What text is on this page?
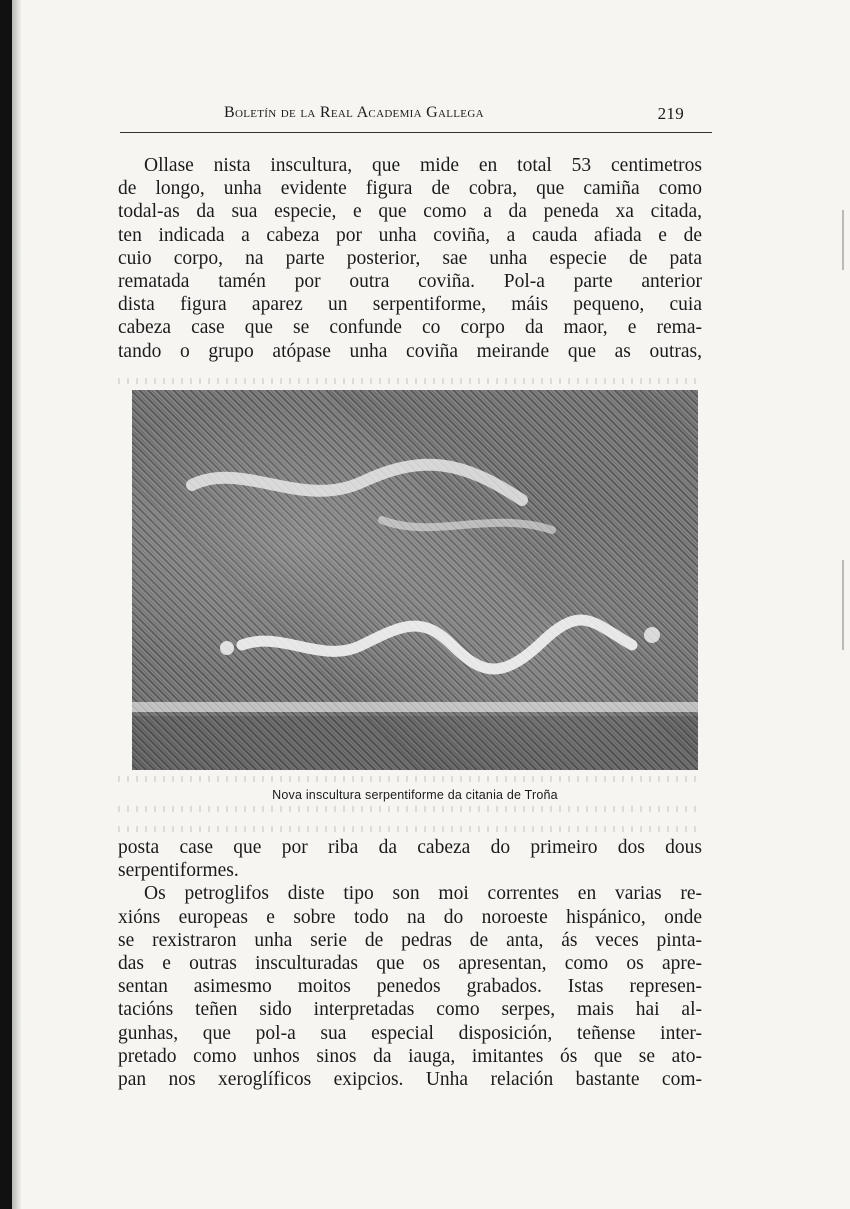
Boletín de la Real Academia Gallega	219
Ollase nista inscultura, que mide en total 53 centimetros
de longo, unha evidente figura de cobra, que camiña como
todal-as da sua especie, e que como a da peneda xa citada,
ten indicada a cabeza por unha coviña, a cauda afiada e de
cuio corpo, na parte posterior, sae unha especie de pata
rematada tamén por outra coviña. Pol-a parte anterior
dista figura aparez un serpentiforme, máis pequeno, cuia
cabeza case que se confunde co corpo da maor, e rema-
tando o grupo atópase unha coviña meirande que as outras,
Nova inscultura serpentiforme da citania de Troña
posta case que por riba da cabeza do primeiro dos dous
serpentiformes.
Os petroglifos diste tipo son moi correntes en varias re-
xións europeas e sobre todo na do noroeste hispánico, onde
se rexistraron unha serie de pedras de anta, ás veces pinta-
das e outras insculturadas que os apresentan, como os apre-
sentan asimesmo moitos penedos grabados. Istas represen-
tacións teñen sido interpretadas como serpes, mais hai al-
gunhas, que pol-a sua especial disposición, teñense inter-
pretado como unhos sinos da iauga, imitantes ós que se ato-
pan nos xeroglíficos exipcios. Unha relación bastante com-
